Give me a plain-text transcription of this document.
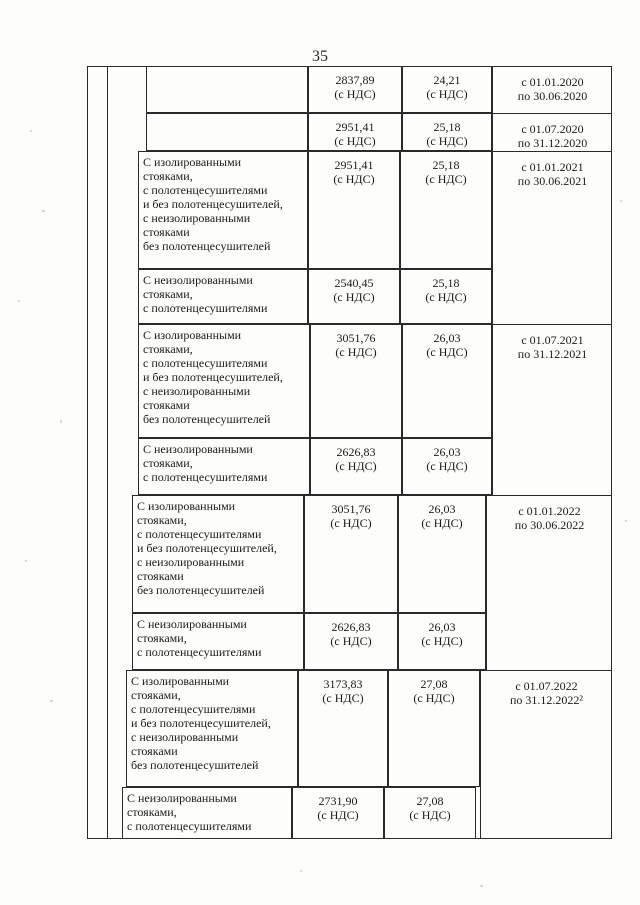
35
2837,89
(с НДС)
24,21
(с НДС)
2951,41
(с НДС)
25,18
(с НДС)
С изолированными
стояками,
с полотенцесушителями
и без полотенцесушителей,
с неизолированными
стояками
без полотенцесушителей
2951,41
(с НДС)
25,18
(с НДС)
С неизолированными
стояками,
с полотенцесушителями
2540,45
(с НДС)
25,18
(с НДС)
С изолированными
стояками,
с полотенцесушителями
и без полотенцесушителей,
с неизолированными
стояками
без полотенцесушителей
3051,76
(с НДС)
26,03
(с НДС)
С неизолированными
стояками,
с полотенцесушителями
2626,83
(с НДС)
26,03
(с НДС)
С изолированными
стояками,
с полотенцесушителями
и без полотенцесушителей,
с неизолированными
стояками
без полотенцесушителей
3051,76
(с НДС)
26,03
(с НДС)
С неизолированными
стояками,
с полотенцесушителями
2626,83
(с НДС)
26,03
(с НДС)
С изолированными
стояками,
с полотенцесушителями
и без полотенцесушителей,
с неизолированными
стояками
без полотенцесушителей
3173,83
(с НДС)
27,08
(с НДС)
С неизолированными
стояками,
с полотенцесушителями
2731,90
(с НДС)
27,08
(с НДС)
с 01.01.2020
по 30.06.2020
с 01.07.2020
по 31.12.2020
с 01.01.2021
по 30.06.2021
с 01.07.2021
по 31.12.2021
с 01.01.2022
по 30.06.2022
с 01.07.2022
по 31.12.2022²
